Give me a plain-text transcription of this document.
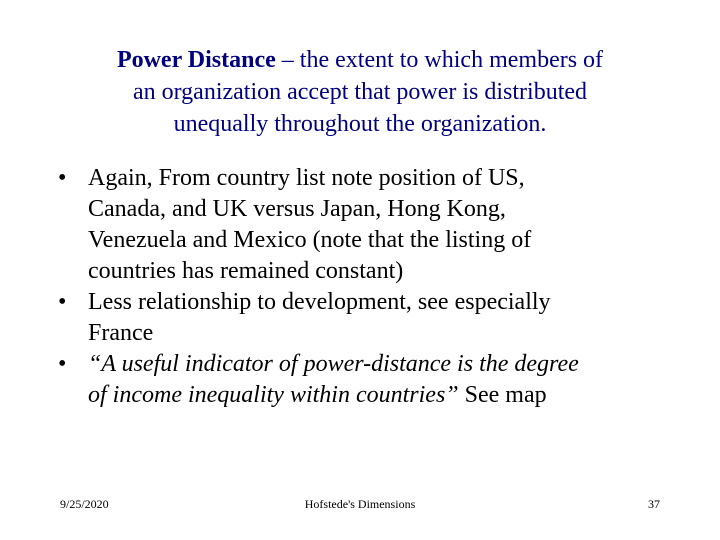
Power Distance – the extent to which members of
an organization accept that power is distributed
unequally throughout the organization.
• Again, From country list note position of US,
Canada, and UK versus Japan, Hong Kong,
Venezuela and Mexico (note that the listing of
countries has remained constant)
• Less relationship to development, see especially
France
• “A useful indicator of power-distance is the degree
of income inequality within countries” See map
9/25/2020	Hofstede's Dimensions	37
